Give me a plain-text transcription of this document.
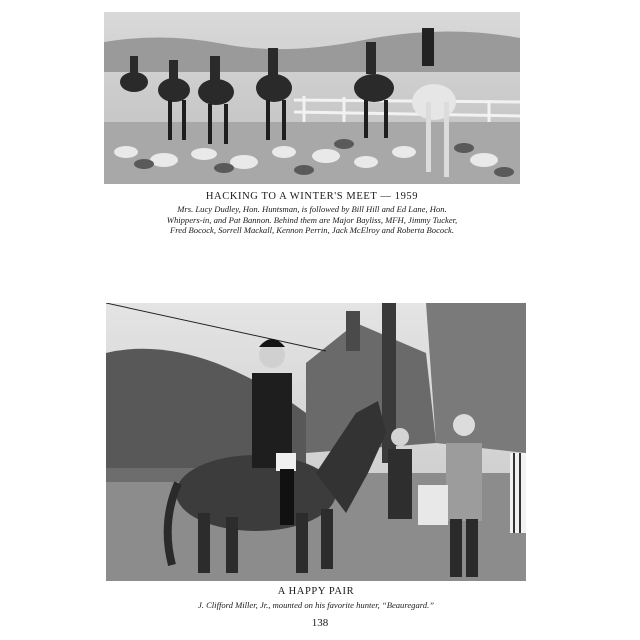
HACKING TO A WINTER'S MEET — 1959
Mrs. Lucy Dudley, Hon. Huntsman, is followed by Bill Hill and Ed Lane, Hon.
Whippers-in, and Pat Bannon. Behind them are Major Bayliss, MFH, Jimmy Tucker,
Fred Bocock, Sorrell Mackall, Kennon Perrin, Jack McElroy and Roberta Bocock.
A HAPPY PAIR
J. Clifford Miller, Jr., mounted on his favorite hunter, “Beauregard.”
138
